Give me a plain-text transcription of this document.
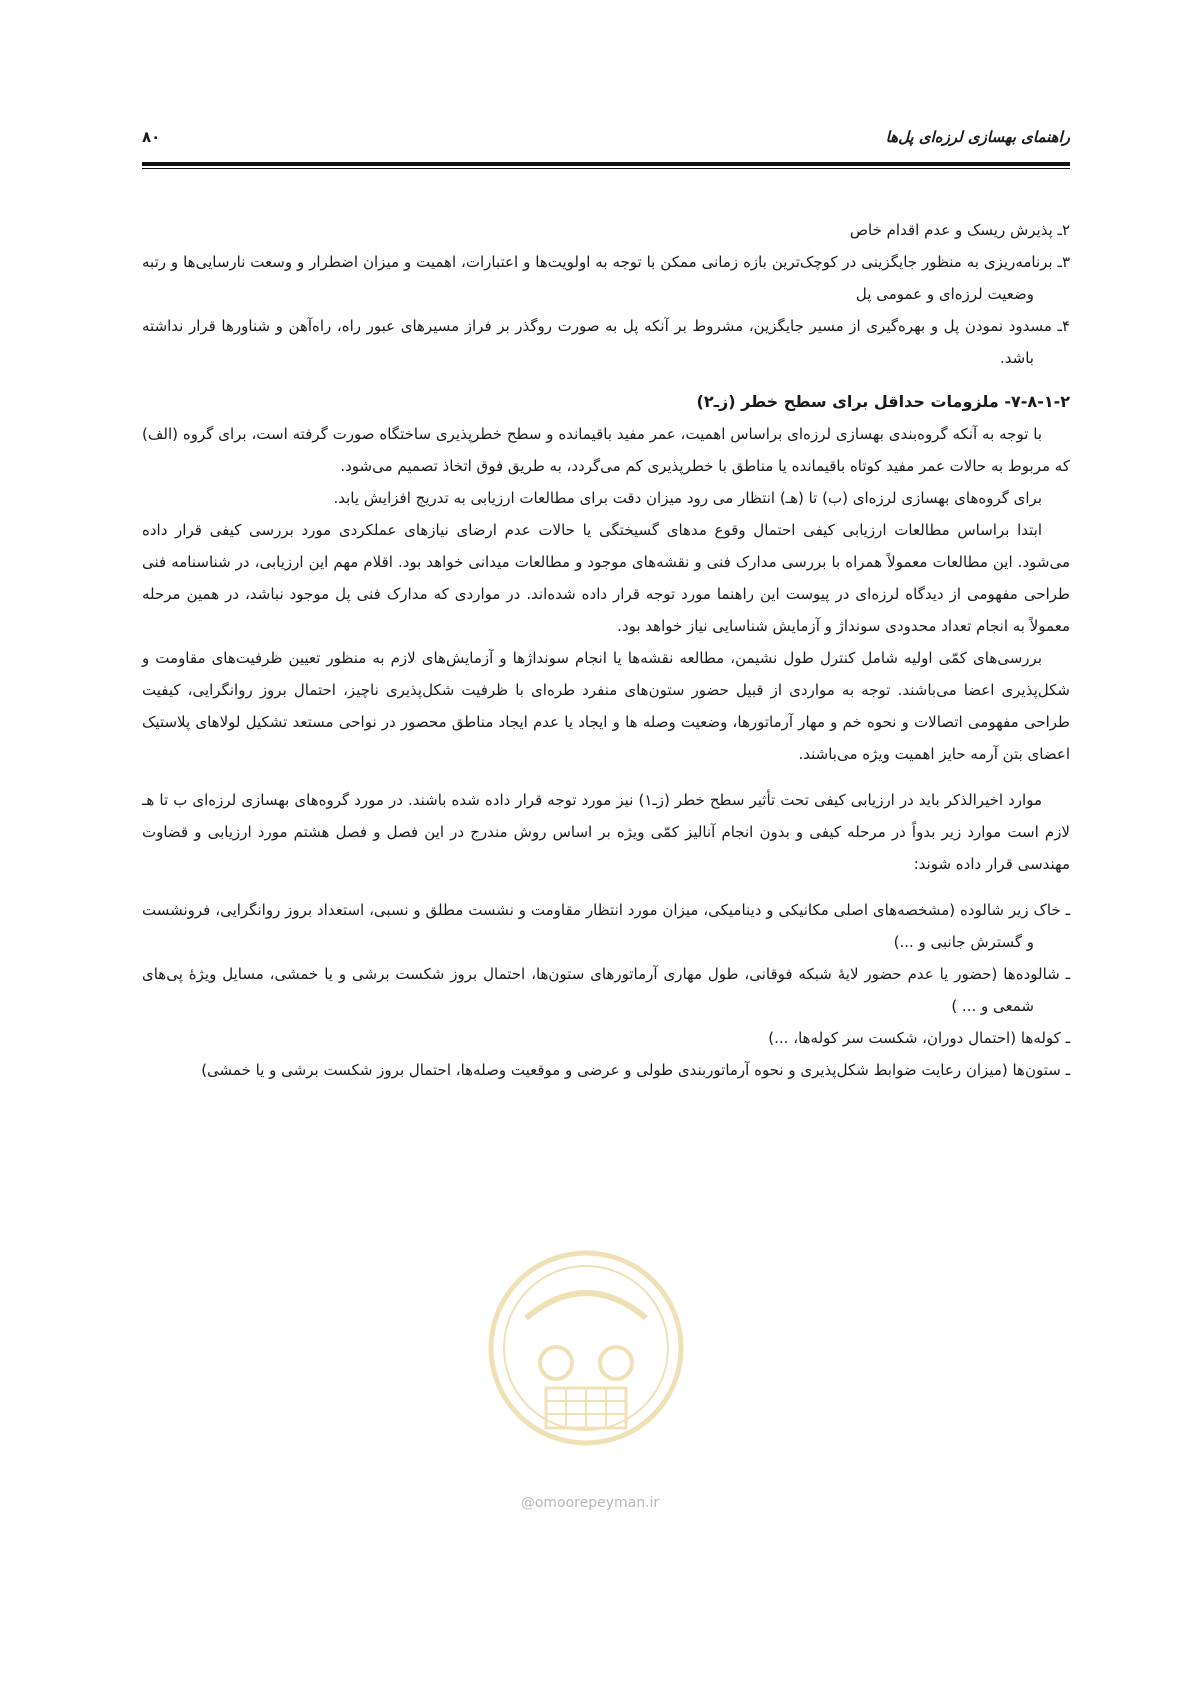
راهنمای بهسازی لرزه‌ای پل‌ها
۸۰

۲ـ پذیرش ریسک و عدم اقدام خاص

۳ـ برنامه‌ریزی به منظور جایگزینی در کوچک‌ترین بازه زمانی ممکن با توجه به اولویت‌ها و اعتبارات، اهمیت و میزان اضطرار و وسعت نارسایی‌ها و رتبه وضعیت لرزه‌ای و عمومی پل

۴ـ مسدود نمودن پل و بهره‌گیری از مسیر جایگزین، مشروط بر آنکه پل به صورت روگذر بر فراز مسیرهای عبور راه، راه‌آهن و شناورها قرار نداشته باشد.

۷-۸-۱-۲- ملزومات حداقل برای سطح خطر (زـ۲)

با توجه به آنکه گروه‌بندی بهسازی لرزه‌ای براساس اهمیت، عمر مفید باقیمانده و سطح خطرپذیری ساختگاه صورت گرفته است، برای گروه (الف) که مربوط به حالات عمر مفید کوتاه باقیمانده یا مناطق با خطرپذیری کم می‌گردد، به طریق فوق اتخاذ تصمیم می‌شود.

برای گروه‌های بهسازی لرزه‌ای (ب) تا (هـ) انتظار می رود میزان دقت برای مطالعات ارزیابی به تدریج افزایش یابد.

ابتدا براساس مطالعات ارزیابی کیفی احتمال وقوع مدهای گسیختگی یا حالات عدم ارضای نیازهای عملکردی مورد بررسی کیفی قرار داده می‌شود. این مطالعات معمولاً همراه با بررسی مدارک فنی و نقشه‌های موجود و مطالعات میدانی خواهد بود. اقلام مهم این ارزیابی، در شناسنامه فنی طراحی مفهومی از دیدگاه لرزه‌ای در پیوست این راهنما مورد توجه قرار داده شده‌اند. در مواردی که مدارک فنی پل موجود نباشد، در همین مرحله معمولاً به انجام تعداد محدودی سونداژ و آزمایش شناسایی نیاز خواهد بود.

بررسی‌های کمّی اولیه شامل کنترل طول نشیمن، مطالعه نقشه‌ها یا انجام سونداژها و آزمایش‌های لازم به منظور تعیین ظرفیت‌های مقاومت و شکل‌پذیری اعضا می‌باشند. توجه به مواردی از قبیل حضور ستون‌های منفرد طره‌ای با ظرفیت شکل‌پذیری ناچیز، احتمال بروز روانگرایی، کیفیت طراحی مفهومی اتصالات و نحوه خم و مهار آرماتورها، وضعیت وصله ها و ایجاد یا عدم ایجاد مناطق محصور در نواحی مستعد تشکیل لولاهای پلاستیک اعضای بتن آرمه حایز اهمیت ویژه می‌باشند.

موارد اخیرالذکر باید در ارزیابی کیفی تحت تأثیر سطح خطر (زـ۱) نیز مورد توجه قرار داده شده باشند. در مورد گروه‌های بهسازی لرزه‌ای ب تا هـ لازم است موارد زیر بدواً در مرحله کیفی و بدون انجام آنالیز کمّی ویژه بر اساس روش مندرج در این فصل و فصل هشتم مورد ارزیابی و قضاوت مهندسی قرار داده شوند:

ـ خاک زیر شالوده (مشخصه‌های اصلی مکانیکی و دینامیکی، میزان مورد انتظار مقاومت و نشست مطلق و نسبی، استعداد بروز روانگرایی، فرونشست و گسترش جانبی و ...)

ـ شالوده‌ها (حضور یا عدم حضور لایهٔ شبکه فوقانی، طول مهاری آرماتورهای ستون‌ها، احتمال بروز شکست برشی و یا خمشی، مسایل ویژهٔ پی‌های شمعی و ... )

ـ کوله‌ها (احتمال دوران، شکست سر کوله‌ها، ...)

ـ ستون‌ها (میزان رعایت ضوابط شکل‌پذیری و نحوه آرماتوربندی طولی و عرضی و موقعیت وصله‌ها، احتمال بروز شکست برشی و یا خمشی)

@omoorepeyman.ir
